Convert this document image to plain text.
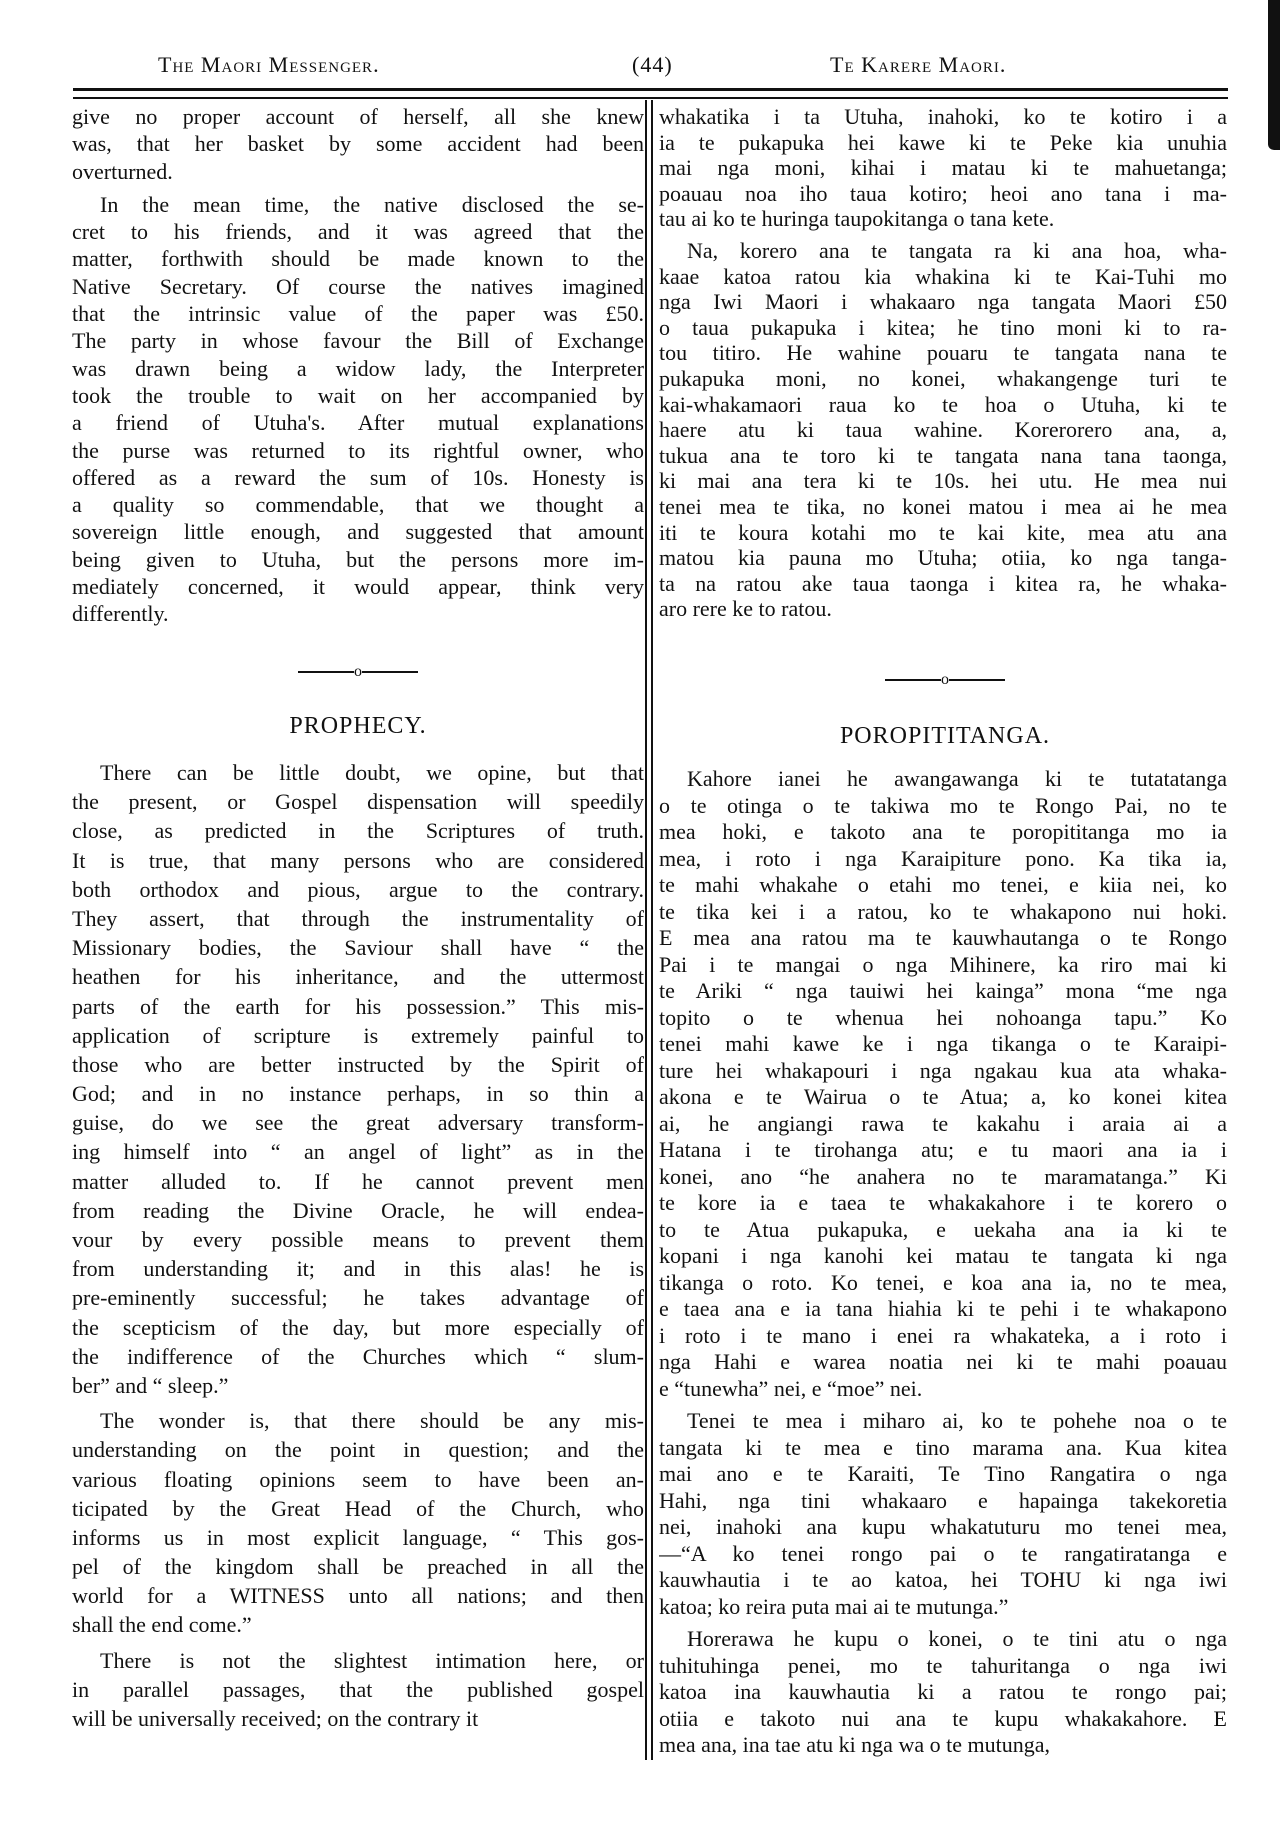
The Maori Messenger.	(44)	Te Karere Maori.
give no proper account of herself, all she knew
was, that her basket by some accident had been
overturned.
In the mean time, the native disclosed the se-
cret to his friends, and it was agreed that the
matter, forthwith should be made known to the
Native Secretary. Of course the natives imagined
that the intrinsic value of the paper was £50.
The party in whose favour the Bill of Exchange
was drawn being a widow lady, the Interpreter
took the trouble to wait on her accompanied by
a friend of Utuha's. After mutual explanations
the purse was returned to its rightful owner, who
offered as a reward the sum of 10s. Honesty is
a quality so commendable, that we thought a
sovereign little enough, and suggested that amount
being given to Utuha, but the persons more im-
mediately concerned, it would appear, think very
differently.
whakatika i ta Utuha, inahoki, ko te kotiro i a
ia te pukapuka hei kawe ki te Peke kia unuhia
mai nga moni, kihai i matau ki te mahuetanga;
poauau noa iho taua kotiro; heoi ano tana i ma-
tau ai ko te huringa taupokitanga o tana kete.
Na, korero ana te tangata ra ki ana hoa, wha-
kaae katoa ratou kia whakina ki te Kai-Tuhi mo
nga Iwi Maori i whakaaro nga tangata Maori £50
o taua pukapuka i kitea; he tino moni ki to ra-
tou titiro. He wahine pouaru te tangata nana te
pukapuka moni, no konei, whakangenge turi te
kai-whakamaori raua ko te hoa o Utuha, ki te
haere atu ki taua wahine. Korerorero ana, a,
tukua ana te toro ki te tangata nana tana taonga,
ki mai ana tera ki te 10s. hei utu. He mea nui
tenei mea te tika, no konei matou i mea ai he mea
iti te koura kotahi mo te kai kite, mea atu ana
matou kia pauna mo Utuha; otiia, ko nga tanga-
ta na ratou ake taua taonga i kitea ra, he whaka-
aro rere ke to ratou.
o	o
PROPHECY.	POROPITITANGA.
There can be little doubt, we opine, but that
the present, or Gospel dispensation will speedily
close, as predicted in the Scriptures of truth.
It is true, that many persons who are considered
both orthodox and pious, argue to the contrary.
They assert, that through the instrumentality of
Missionary bodies, the Saviour shall have “ the
heathen for his inheritance, and the uttermost
parts of the earth for his possession.” This mis-
application of scripture is extremely painful to
those who are better instructed by the Spirit of
God; and in no instance perhaps, in so thin a
guise, do we see the great adversary transform-
ing himself into “ an angel of light” as in the
matter alluded to. If he cannot prevent men
from reading the Divine Oracle, he will endea-
vour by every possible means to prevent them
from understanding it; and in this alas! he is
pre-eminently successful; he takes advantage of
the scepticism of the day, but more especially of
the indifference of the Churches which “ slum-
ber” and “ sleep.”
The wonder is, that there should be any mis-
understanding on the point in question; and the
various floating opinions seem to have been an-
ticipated by the Great Head of the Church, who
informs us in most explicit language, “ This gos-
pel of the kingdom shall be preached in all the
world for a WITNESS unto all nations; and then
shall the end come.”
There is not the slightest intimation here, or
in parallel passages, that the published gospel
will be universally received; on the contrary it
Kahore ianei he awangawanga ki te tutatatanga
o te otinga o te takiwa mo te Rongo Pai, no te
mea hoki, e takoto ana te poropititanga mo ia
mea, i roto i nga Karaipiture pono. Ka tika ia,
te mahi whakahe o etahi mo tenei, e kiia nei, ko
te tika kei i a ratou, ko te whakapono nui hoki.
E mea ana ratou ma te kauwhautanga o te Rongo
Pai i te mangai o nga Mihinere, ka riro mai ki
te Ariki “ nga tauiwi hei kainga” mona “me nga
topito o te whenua hei nohoanga tapu.” Ko
tenei mahi kawe ke i nga tikanga o te Karaipi-
ture hei whakapouri i nga ngakau kua ata whaka-
akona e te Wairua o te Atua; a, ko konei kitea
ai, he angiangi rawa te kakahu i araia ai a
Hatana i te tirohanga atu; e tu maori ana ia i
konei, ano “he anahera no te maramatanga.” Ki
te kore ia e taea te whakakahore i te korero o
to te Atua pukapuka, e uekaha ana ia ki te
kopani i nga kanohi kei matau te tangata ki nga
tikanga o roto. Ko tenei, e koa ana ia, no te mea,
e taea ana e ia tana hiahia ki te pehi i te whakapono
i roto i te mano i enei ra whakateka, a i roto i
nga Hahi e warea noatia nei ki te mahi poauau
e “tunewha” nei, e “moe” nei.
Tenei te mea i miharo ai, ko te pohehe noa o te
tangata ki te mea e tino marama ana. Kua kitea
mai ano e te Karaiti, Te Tino Rangatira o nga
Hahi, nga tini whakaaro e hapainga takekoretia
nei, inahoki ana kupu whakatuturu mo tenei mea,
—“A ko tenei rongo pai o te rangatiratanga e
kauwhautia i te ao katoa, hei TOHU ki nga iwi
katoa; ko reira puta mai ai te mutunga.”
Horerawa he kupu o konei, o te tini atu o nga
tuhituhinga penei, mo te tahuritanga o nga iwi
katoa ina kauwhautia ki a ratou te rongo pai;
otiia e takoto nui ana te kupu whakakahore. E
mea ana, ina tae atu ki nga wa o te mutunga,
